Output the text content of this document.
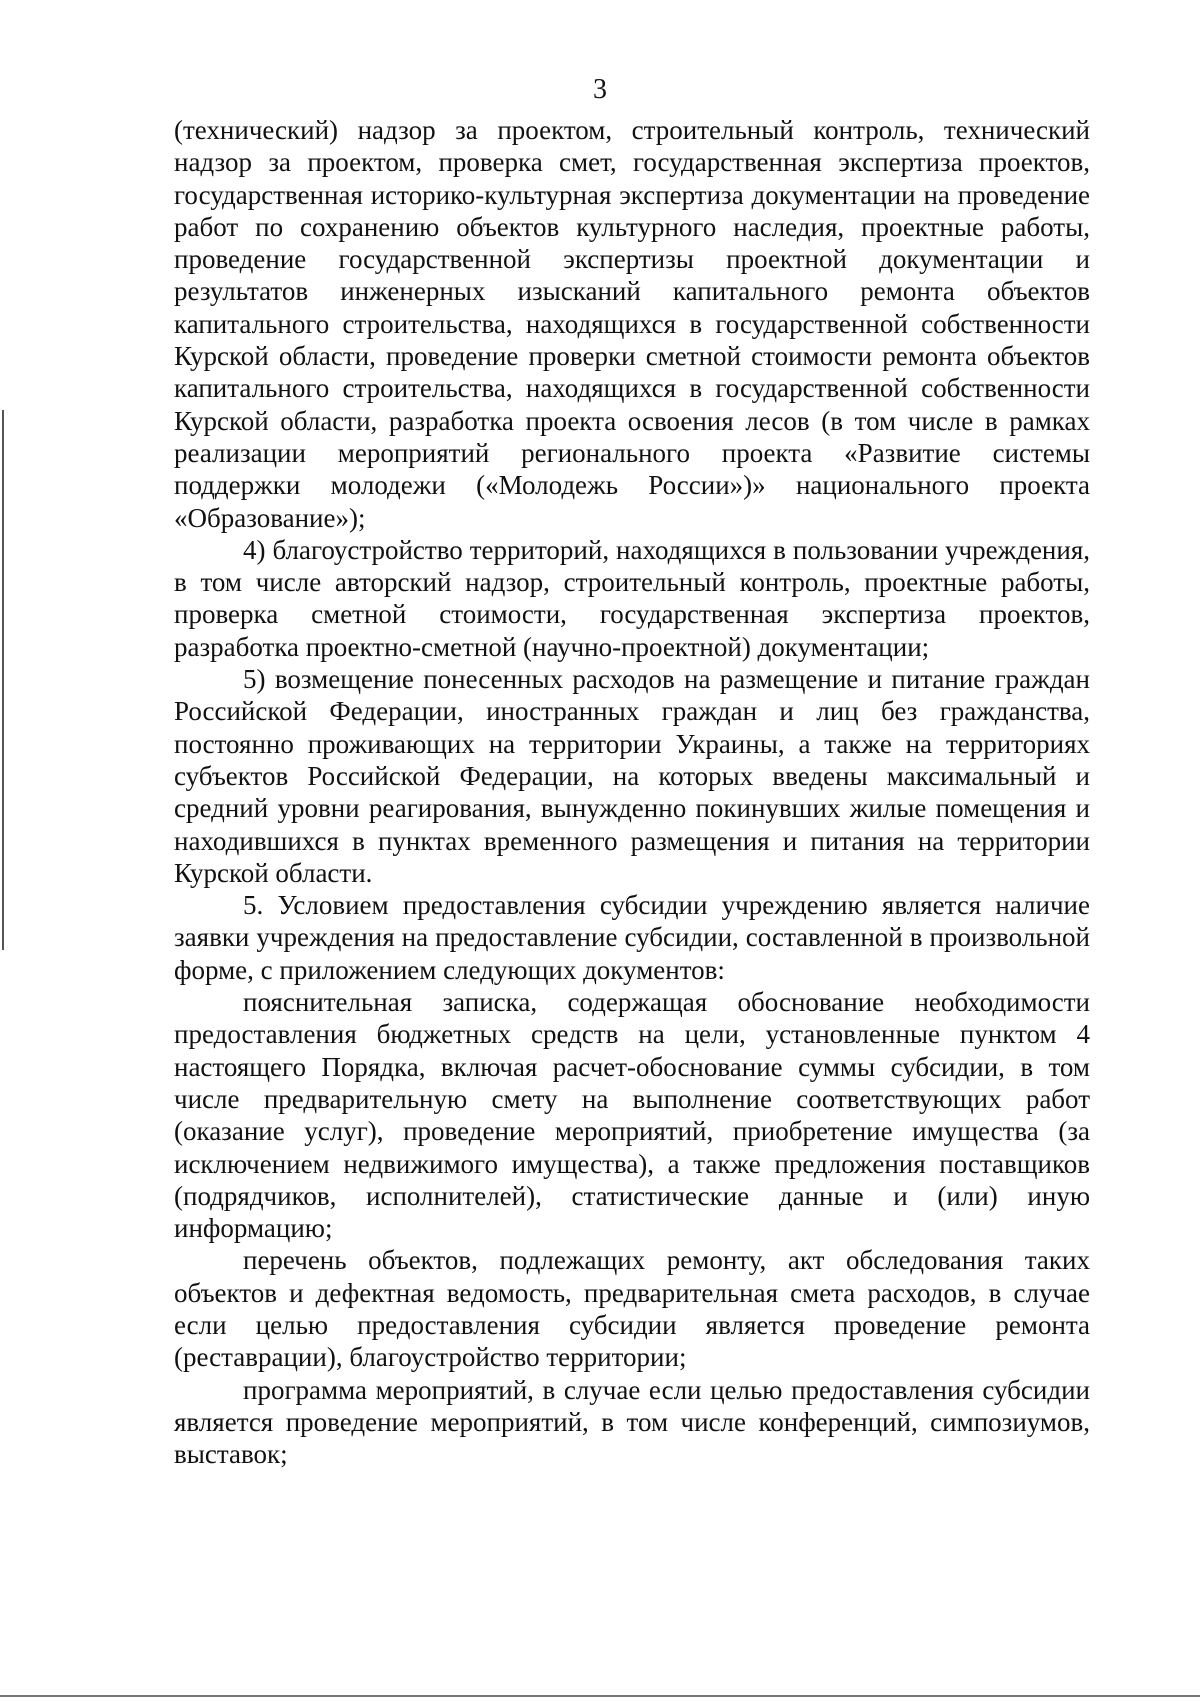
3

(технический) надзор за проектом, строительный контроль, технический надзор за проектом, проверка смет, государственная экспертиза проектов, государственная историко-культурная экспертиза документации на проведение работ по сохранению объектов культурного наследия, проектные работы, проведение государственной экспертизы проектной документации и результатов инженерных изысканий капитального ремонта объектов капитального строительства, находящихся в государственной собственности Курской области, проведение проверки сметной стоимости ремонта объектов капитального строительства, находящихся в государственной собственности Курской области, разработка проекта освоения лесов (в том числе в рамках реализации мероприятий регионального проекта «Развитие системы поддержки молодежи («Молодежь России»)» национального проекта «Образование»);

4) благоустройство территорий, находящихся в пользовании учреждения, в том числе авторский надзор, строительный контроль, проектные работы, проверка сметной стоимости, государственная экспертиза проектов, разработка проектно-сметной (научно-проектной) документации;

5) возмещение понесенных расходов на размещение и питание граждан Российской Федерации, иностранных граждан и лиц без гражданства, постоянно проживающих на территории Украины, а также на территориях субъектов Российской Федерации, на которых введены максимальный и средний уровни реагирования, вынужденно покинувших жилые помещения и находившихся в пунктах временного размещения и питания на территории Курской области.

5. Условием предоставления субсидии учреждению является наличие заявки учреждения на предоставление субсидии, составленной в произвольной форме, с приложением следующих документов:

пояснительная записка, содержащая обоснование необходимости предоставления бюджетных средств на цели, установленные пунктом 4 настоящего Порядка, включая расчет-обоснование суммы субсидии, в том числе предварительную смету на выполнение соответствующих работ (оказание услуг), проведение мероприятий, приобретение имущества (за исключением недвижимого имущества), а также предложения поставщиков (подрядчиков, исполнителей), статистические данные и (или) иную информацию;

перечень объектов, подлежащих ремонту, акт обследования таких объектов и дефектная ведомость, предварительная смета расходов, в случае если целью предоставления субсидии является проведение ремонта (реставрации), благоустройство территории;

программа мероприятий, в случае если целью предоставления субсидии является проведение мероприятий, в том числе конференций, симпозиумов, выставок;
